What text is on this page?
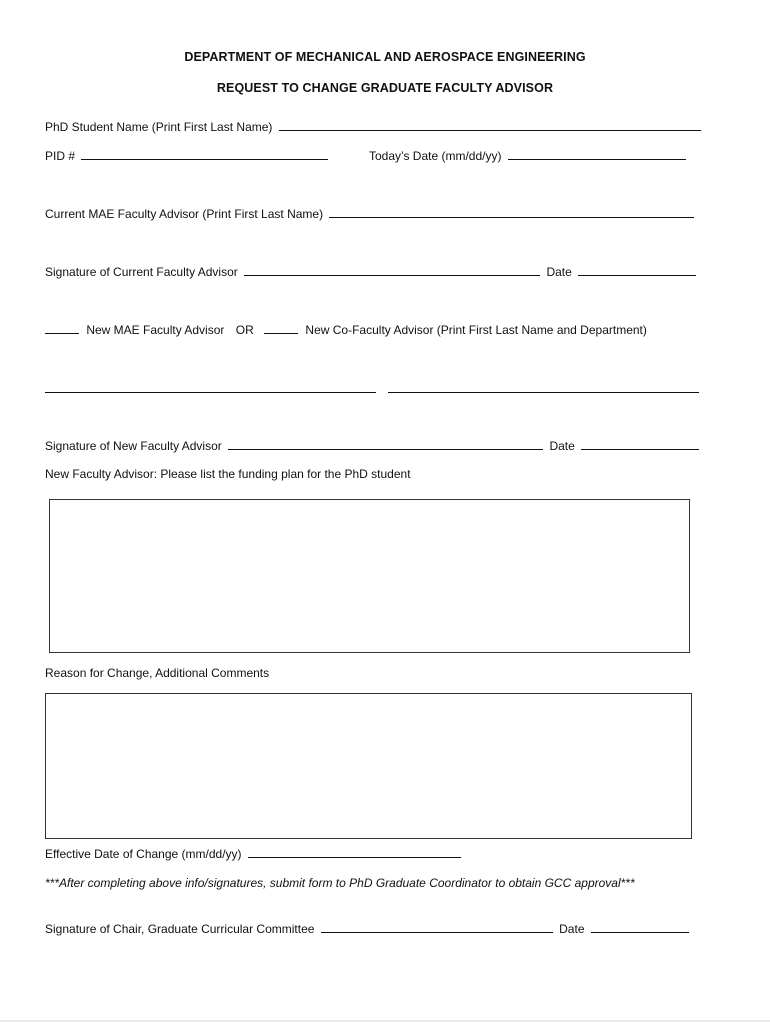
DEPARTMENT OF MECHANICAL AND AEROSPACE ENGINEERING
REQUEST TO CHANGE GRADUATE FACULTY ADVISOR
PhD Student Name (Print First Last Name)
PID #	Today’s Date (mm/dd/yy)
Current MAE Faculty Advisor (Print First Last Name)
Signature of Current Faculty Advisor	Date
New MAE Faculty Advisor OR	New Co-Faculty Advisor (Print First Last Name and Department)
Signature of New Faculty Advisor	Date
New Faculty Advisor: Please list the funding plan for the PhD student
Reason for Change, Additional Comments
Effective Date of Change (mm/dd/yy)
***After completing above info/signatures, submit form to PhD Graduate Coordinator to obtain GCC approval***
Signature of Chair, Graduate Curricular Committee	Date
